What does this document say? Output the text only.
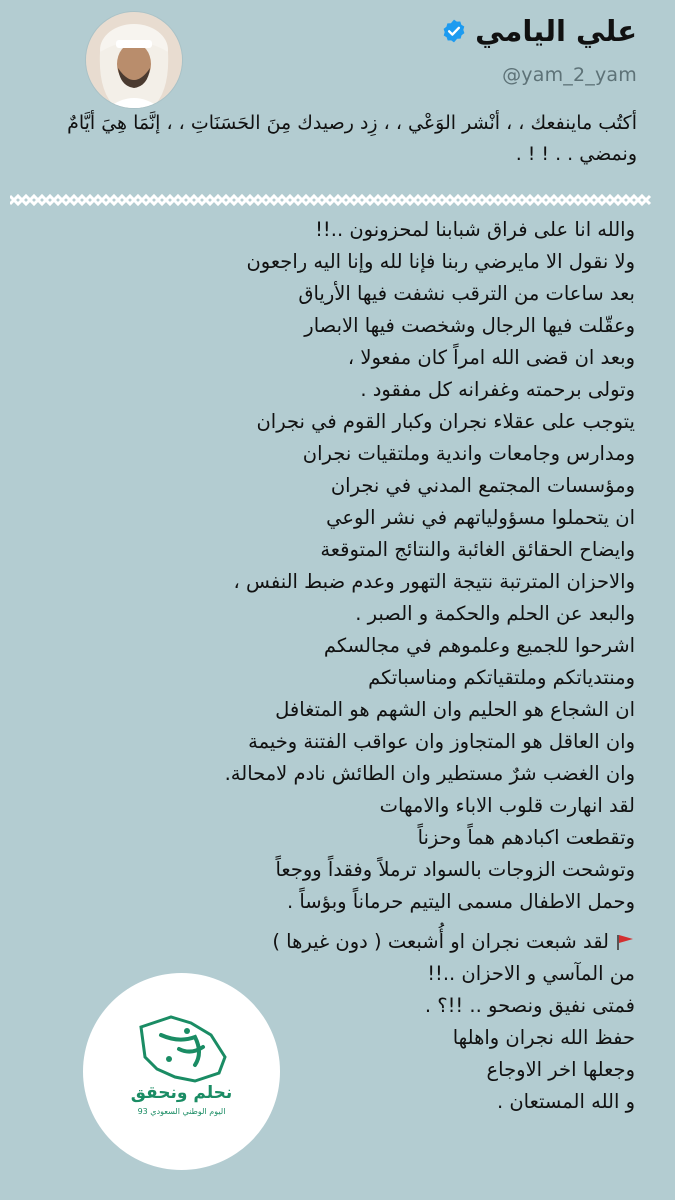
علي اليامي
@yam_2_yam
أكتُب ماينفعك ، ، أنْشر الوَعْي ، ، زِد رصيدك مِنَ الحَسَنَاتِ ، ، إنَّمَا هِيَ أيَّامٌ ونمضي . . ! ! .
والله انا على فراق شبابنا لمحزونون ..!!
ولا نقول الا مايرضي ربنا فإنا لله وإنا اليه راجعون
بعد ساعات من الترقب نشفت فيها الأرياق
وعقّلت فيها الرجال وشخصت فيها الابصار
وبعد ان قضى الله امراً كان مفعولا ،
وتولى برحمته وغفرانه كل مفقود .
يتوجب على عقلاء نجران وكبار القوم في نجران
ومدارس وجامعات واندية وملتقيات نجران
ومؤسسات المجتمع المدني في نجران
ان يتحملوا مسؤولياتهم في نشر الوعي
وايضاح الحقائق الغائبة والنتائج المتوقعة
والاحزان المترتبة نتيجة التهور وعدم ضبط النفس ،
والبعد عن الحلم والحكمة و الصبر .
اشرحوا للجميع وعلموهم في مجالسكم
ومنتدياتكم وملتقياتكم ومناسباتكم
ان الشجاع هو الحليم وان الشهم هو المتغافل
وان العاقل هو المتجاوز وان عواقب الفتنة وخيمة
وان الغضب شرٌ مستطير وان الطائش نادم لامحالة.
لقد انهارت قلوب الاباء والامهات
وتقطعت اكبادهم هماً وحزناً
وتوشحت الزوجات بالسواد ترملاً وفقداً ووجعاً
وحمل الاطفال مسمى اليتيم حرماناً وبؤساً .
لقد شبعت نجران او أُشبعت ( دون غيرها )
من المآسي و الاحزان ..!!
فمتى نفيق ونصحو .. !!؟ .
حفظ الله نجران واهلها
وجعلها اخر الاوجاع
و الله المستعان .
نحلم ونحقق
اليوم الوطني السعودي 93
